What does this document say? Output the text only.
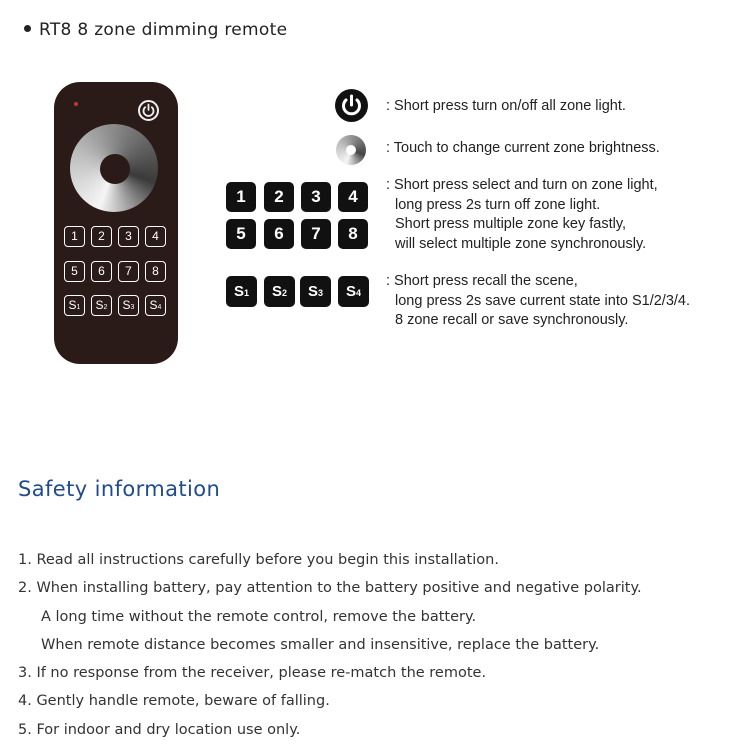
RT8 8 zone dimming remote
1	2	3	4
5	6	7	8
S1	S2	S3	S4
: Short press turn on/off all zone light.
: Touch to change current zone brightness.
1	2	3	4
5	6	7	8
: Short press select and turn on zone light,
long press 2s turn off zone light.
Short press multiple zone key fastly,
will select multiple zone synchronously.
S1	S2	S3	S4
: Short press recall the scene,
long press 2s save current state into S1/2/3/4.
8 zone recall or save synchronously.
Safety information
1. Read all instructions carefully before you begin this installation.
2. When installing battery, pay attention to the battery positive and negative polarity.
A long time without the remote control, remove the battery.
When remote distance becomes smaller and insensitive, replace the battery.
3. If no response from the receiver, please re-match the remote.
4. Gently handle remote, beware of falling.
5. For indoor and dry location use only.
